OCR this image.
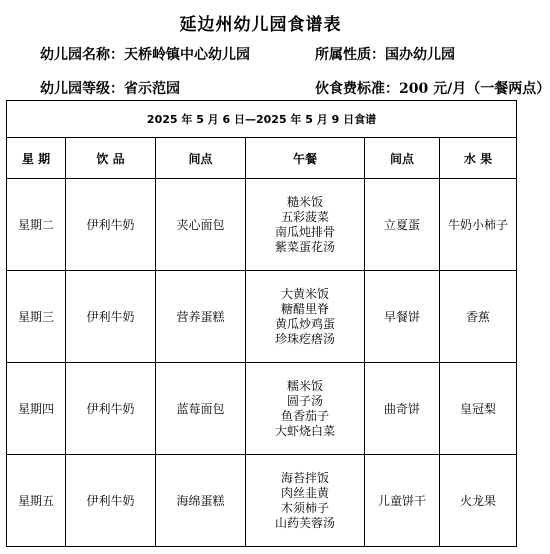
延边州幼儿园食谱表
幼儿园名称：天桥岭镇中心幼儿园	所属性质：国办幼儿园
幼儿园等级：省示范园	伙食费标准：200 元/月（一餐两点）
2025 年 5 月 6 日—2025 年 5 月 9 日食谱					
星 期	饮 品	间点	午餐	间点	水 果
星期二	伊利牛奶	夹心面包	糙米饭
五彩菠菜
南瓜炖排骨
紫菜蛋花汤	立夏蛋	牛奶小柿子
星期三	伊利牛奶	营养蛋糕	大黄米饭
糖醋里脊
黄瓜炒鸡蛋
珍珠疙瘩汤	早餐饼	香蕉
星期四	伊利牛奶	蓝莓面包	糯米饭
圆子汤
鱼香茄子
大虾烧白菜	曲奇饼	皇冠梨
星期五	伊利牛奶	海绵蛋糕	海苔拌饭
肉丝韭黄
木须柿子
山药芙蓉汤	儿童饼干	火龙果
